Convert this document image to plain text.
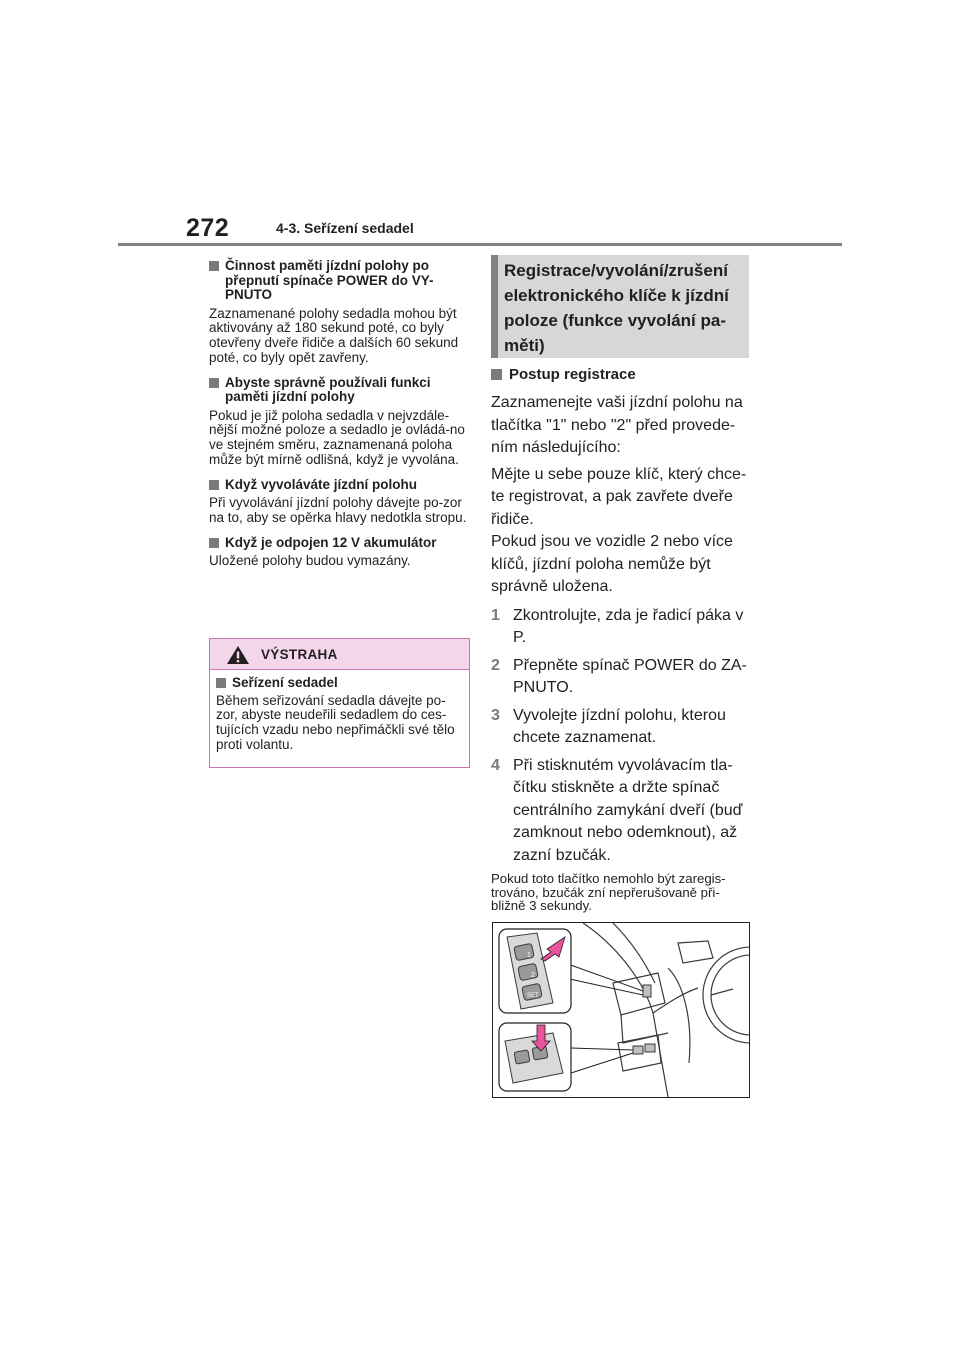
272	4-3. Seřízení sedadel
Činnost paměti jízdní polohy po přepnutí spínače POWER do VY-PNUTO
Zaznamenané polohy sedadla mohou být aktivovány až 180 sekund poté, co byly otevřeny dveře řidiče a dalších 60 sekund poté, co byly opět zavřeny.
Abyste správně používali funkci paměti jízdní polohy
Pokud je již poloha sedadla v nejvzdále-nější možné poloze a sedadlo je ovládá-no ve stejném směru, zaznamenaná poloha může být mírně odlišná, když je vyvolána.
Když vyvoláváte jízdní polohu
Při vyvolávání jízdní polohy dávejte po-zor na to, aby se opěrka hlavy nedotkla stropu.
Když je odpojen 12 V akumulátor
Uložené polohy budou vymazány.
VÝSTRAHA
Seřízení sedadel
Během seřizování sedadla dávejte po-zor, abyste neudeřili sedadlem do ces-tujících vzadu nebo nepřimáčkli své tělo proti volantu.
Registrace/vyvolání/zrušení elektronického klíče k jízdní poloze (funkce vyvolání pa-měti)
Postup registrace
Zaznamenejte vaši jízdní polohu na tlačítka "1" nebo "2" před provede-ním následujícího:
Mějte u sebe pouze klíč, který chce-te registrovat, a pak zavřete dveře řidiče.
Pokud jsou ve vozidle 2 nebo více klíčů, jízdní poloha nemůže být správně uložena.
1 Zkontrolujte, zda je řadicí páka v P.
2 Přepněte spínač POWER do ZA-PNUTO.
3 Vyvolejte jízdní polohu, kterou chcete zaznamenat.
4 Při stisknutém vyvolávacím tla-čítku stiskněte a držte spínač centrálního zamykání dveří (buď zamknout nebo odemknout), až zazní bzučák.
Pokud toto tlačítko nemohlo být zaregis-trováno, bzučák zní nepřerušovaně při-bližně 3 sekundy.
1
2
SET
